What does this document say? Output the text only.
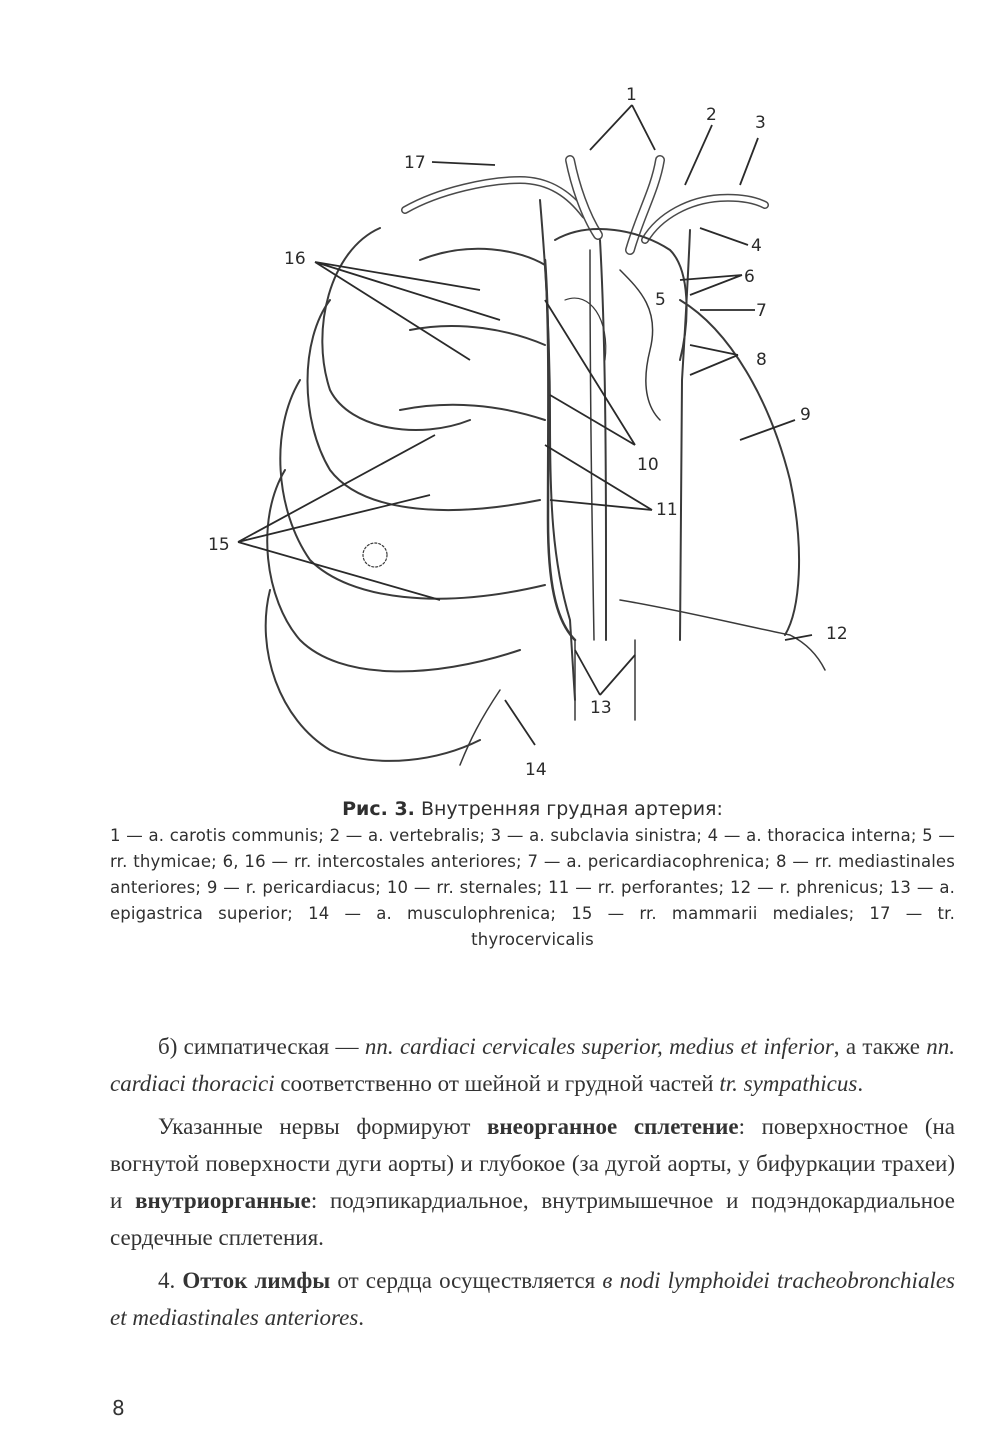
1
2 3
4
5
6
7
8
9
10
11
12
13
14
15
16
17
Рис. 3. Внутренняя грудная артерия:
1 — a. carotis communis; 2 — a. vertebralis; 3 — a. subclavia sinistra; 4 — a. thoracica interna; 5 — rr. thymicae; 6, 16 — rr. intercostales anteriores; 7 — a. pericardiacophrenica; 8 — rr. mediastinales anteriores; 9 — r. pericardiacus; 10 — rr. sternales; 11 — rr. perforantes; 12 — r. phrenicus; 13 — a. epigastrica superior; 14 — a. musculophrenica; 15 — rr. mammarii mediales; 17 — tr. thyrocervicalis

б) симпатическая — nn. cardiaci cervicales superior, medius et inferior, а также nn. cardiaci thoracici соответственно от шейной и грудной частей tr. sympathicus.

Указанные нервы формируют внеорганное сплетение: поверхностное (на вогнутой поверхности дуги аорты) и глубокое (за дугой аорты, у бифуркации трахеи) и внутриорганные: подэпикардиальное, внутримышечное и подэндокардиальное сердечные сплетения.

4. Отток лимфы от сердца осуществляется в nodi lymphoidei tracheobronchiales et mediastinales anteriores.

8
